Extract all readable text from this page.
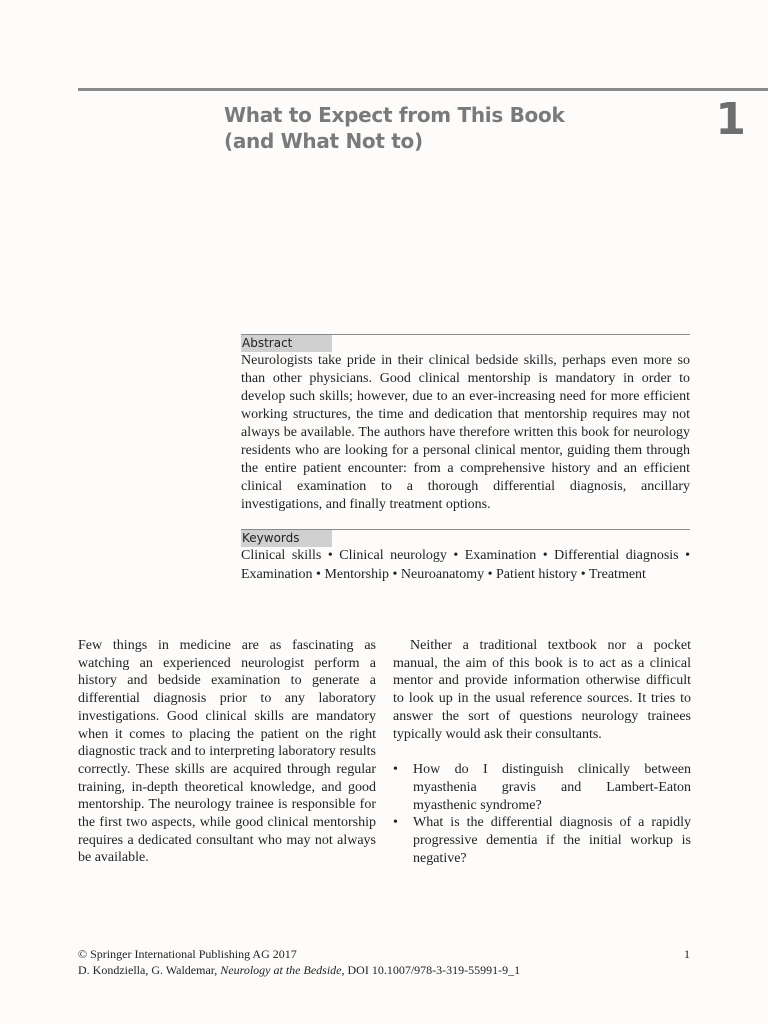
What to Expect from This Book
(and What Not to)	1
Abstract

Neurologists take pride in their clinical bedside skills, perhaps even more so than other physicians. Good clinical mentorship is mandatory in order to develop such skills; however, due to an ever-increasing need for more efficient working structures, the time and dedication that mentorship requires may not always be available. The authors have therefore written this book for neurology residents who are looking for a personal clinical mentor, guiding them through the entire patient encounter: from a comprehensive history and an efficient clinical examination to a thorough differential diagnosis, ancillary investigations, and finally treatment options.

Keywords

Clinical skills • Clinical neurology • Examination • Differential diagnosis • Examination • Mentorship • Neuroanatomy • Patient history • Treatment

Few things in medicine are as fascinating as watching an experienced neurologist perform a history and bedside examination to generate a differential diagnosis prior to any laboratory investigations. Good clinical skills are mandatory when it comes to placing the patient on the right diagnostic track and to interpreting laboratory results correctly. These skills are acquired through regular training, in-depth theoretical knowledge, and good mentorship. The neurology trainee is responsible for the first two aspects, while good clinical mentorship requires a dedicated consultant who may not always be available.

Neither a traditional textbook nor a pocket manual, the aim of this book is to act as a clinical mentor and provide information otherwise difficult to look up in the usual reference sources. It tries to answer the sort of questions neurology trainees typically would ask their consultants.

• How do I distinguish clinically between myasthenia gravis and Lambert-Eaton myasthenic syndrome?
• What is the differential diagnosis of a rapidly progressive dementia if the initial workup is negative?
© Springer International Publishing AG 2017
D. Kondziella, G. Waldemar, Neurology at the Bedside, DOI 10.1007/978-3-319-55991-9_1
1
